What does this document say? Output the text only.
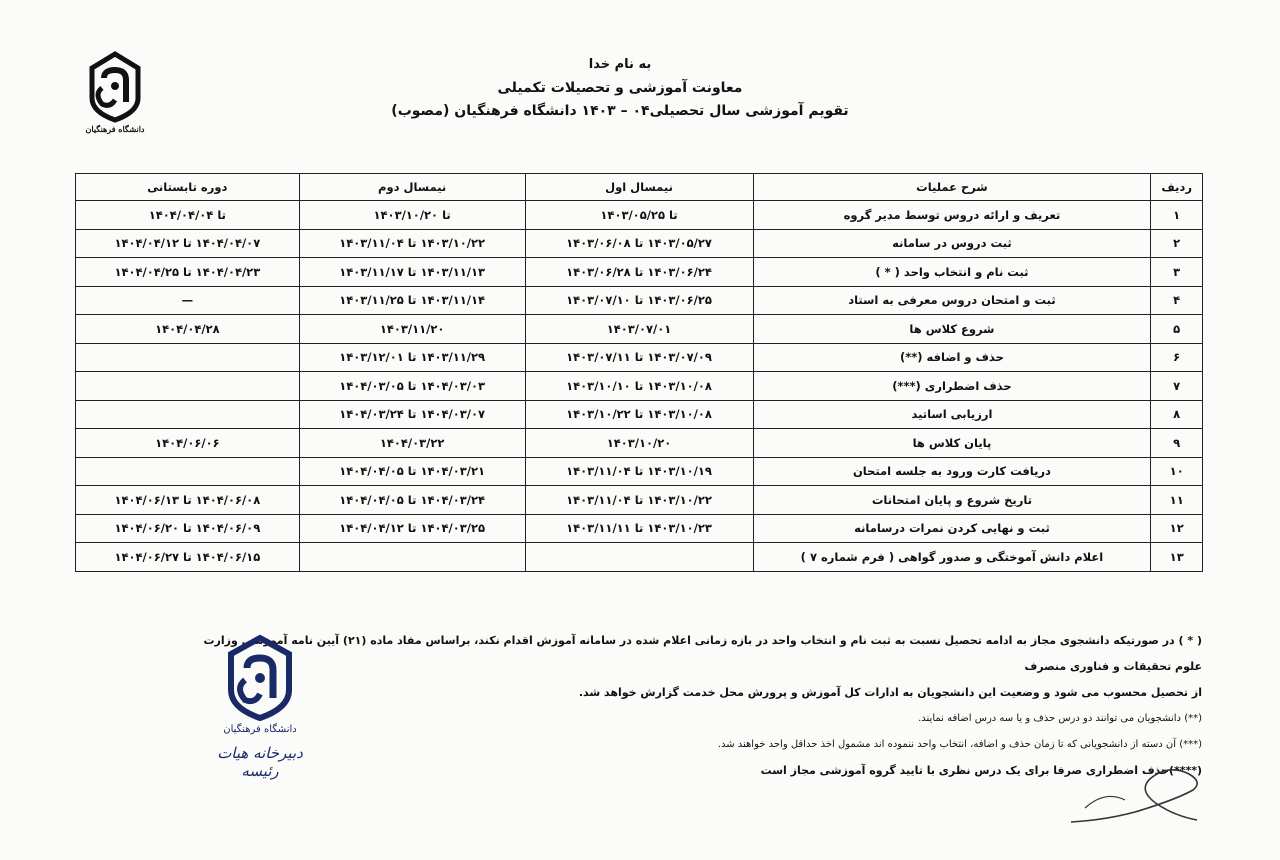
دانشگاه فرهنگیان
به نام خدا
معاونت آموزشی و تحصیلات تکمیلی
تقویم آموزشی سال تحصیلی۰۴ – ۱۴۰۳ دانشگاه فرهنگیان (مصوب)
ردیف	شرح عملیات	نیمسال اول	نیمسال دوم	دوره تابستانی
۱	تعریف و ارائه دروس توسط مدیر گروه	تا ۱۴۰۳/۰۵/۲۵	تا ۱۴۰۳/۱۰/۲۰	تا ۱۴۰۴/۰۴/۰۴
۲	ثبت دروس در سامانه	۱۴۰۳/۰۵/۲۷ تا ۱۴۰۳/۰۶/۰۸	۱۴۰۳/۱۰/۲۲ تا ۱۴۰۳/۱۱/۰۴	۱۴۰۴/۰۴/۰۷ تا ۱۴۰۴/۰۴/۱۲
۳	ثبت نام و انتخاب واحد ( * )	۱۴۰۳/۰۶/۲۴ تا ۱۴۰۳/۰۶/۲۸	۱۴۰۳/۱۱/۱۳ تا ۱۴۰۳/۱۱/۱۷	۱۴۰۴/۰۴/۲۳ تا ۱۴۰۴/۰۴/۲۵
۴	ثبت و امتحان دروس معرفی به استاد	۱۴۰۳/۰۶/۲۵ تا ۱۴۰۳/۰۷/۱۰	۱۴۰۳/۱۱/۱۴ تا ۱۴۰۳/۱۱/۲۵	—
۵	شروع کلاس ها	۱۴۰۳/۰۷/۰۱	۱۴۰۳/۱۱/۲۰	۱۴۰۴/۰۴/۲۸
۶	حذف و اضافه (**)	۱۴۰۳/۰۷/۰۹ تا ۱۴۰۳/۰۷/۱۱	۱۴۰۳/۱۱/۲۹ تا ۱۴۰۳/۱۲/۰۱	
۷	حذف اضطراری (***)	۱۴۰۳/۱۰/۰۸ تا ۱۴۰۳/۱۰/۱۰	۱۴۰۴/۰۳/۰۳ تا ۱۴۰۴/۰۳/۰۵	
۸	ارزیابی اساتید	۱۴۰۳/۱۰/۰۸ تا ۱۴۰۳/۱۰/۲۲	۱۴۰۴/۰۳/۰۷ تا ۱۴۰۴/۰۳/۲۴	
۹	پایان کلاس ها	۱۴۰۳/۱۰/۲۰	۱۴۰۴/۰۳/۲۲	۱۴۰۴/۰۶/۰۶
۱۰	دریافت کارت ورود به جلسه امتحان	۱۴۰۳/۱۰/۱۹ تا ۱۴۰۳/۱۱/۰۴	۱۴۰۴/۰۳/۲۱ تا ۱۴۰۴/۰۴/۰۵	
۱۱	تاریخ شروع و پایان امتحانات	۱۴۰۳/۱۰/۲۲ تا ۱۴۰۳/۱۱/۰۴	۱۴۰۴/۰۳/۲۴ تا ۱۴۰۴/۰۴/۰۵	۱۴۰۴/۰۶/۰۸ تا ۱۴۰۴/۰۶/۱۳
۱۲	ثبت و نهایی کردن نمرات درسامانه	۱۴۰۳/۱۰/۲۳ تا ۱۴۰۳/۱۱/۱۱	۱۴۰۴/۰۳/۲۵ تا ۱۴۰۴/۰۴/۱۲	۱۴۰۴/۰۶/۰۹ تا ۱۴۰۴/۰۶/۲۰
۱۳	اعلام دانش آموختگی و صدور گواهی ( فرم شماره ۷ )			۱۴۰۴/۰۶/۱۵ تا ۱۴۰۴/۰۶/۲۷
( * ) در صورتیکه دانشجوی مجاز به ادامه تحصیل نسبت به ثبت نام و انتخاب واحد در بازه زمانی اعلام شده در سامانه آموزش اقدام نکند، براساس مفاد ماده (۲۱) آیین نامه آموزشی وزارت علوم تحقیقات و فناوری منصرف
از تحصیل محسوب می شود و وضعیت این دانشجویان به ادارات کل آموزش و پرورش محل خدمت گزارش خواهد شد.
(**) دانشجویان می توانند دو درس حذف و یا سه درس اضافه نمایند.
(***) آن دسته از دانشجویانی که تا زمان حذف و اضافه، انتخاب واحد ننموده اند مشمول اخذ حداقل واحد خواهند شد.
(****)حذف اضطراری صرفا برای یک درس نظری با تایید گروه آموزشی مجاز است
دانشگاه فرهنگیان
دبیرخانه هیات رئیسه
